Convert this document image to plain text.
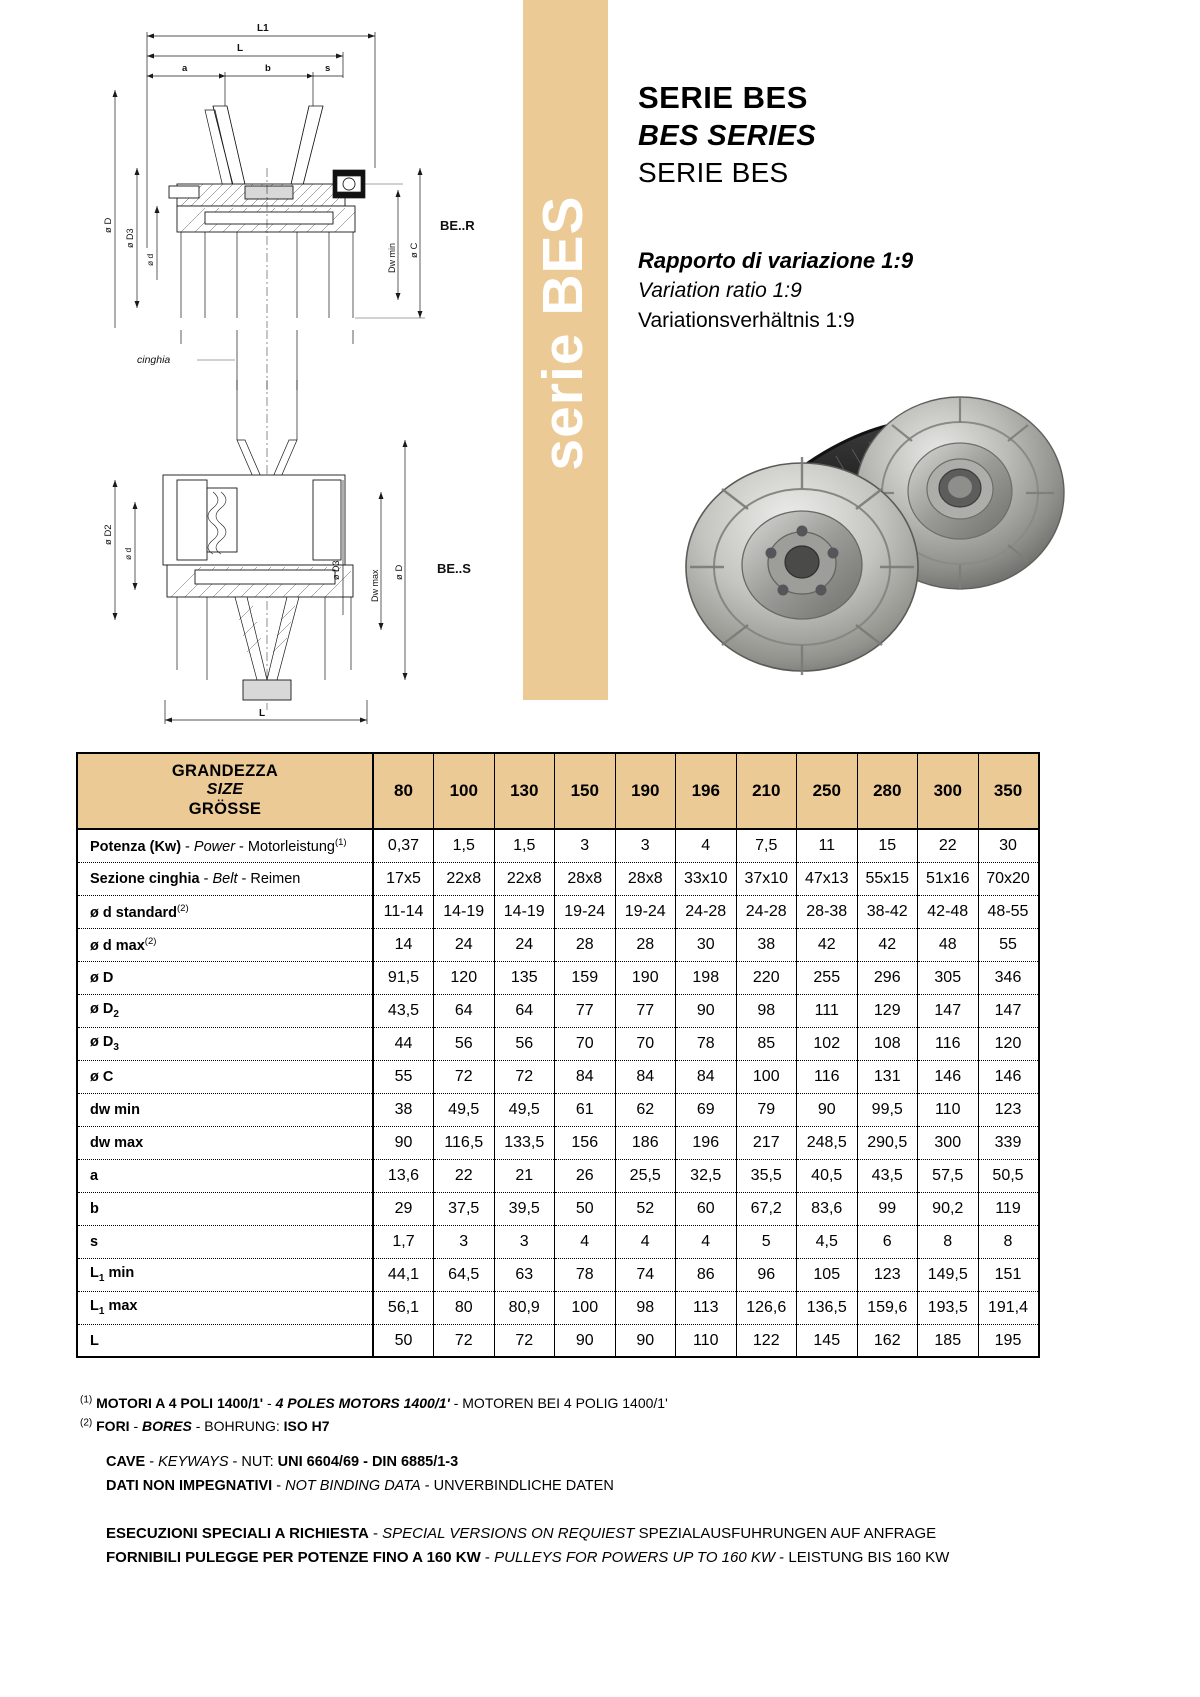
L1
L
a	b	s
ø D
ø D3
ø d	Dw min ø C
BE..R
cinghia
ø D2
ø d
ø D3	Dw max ø D
L
BE..S
serie BES
SERIE BES
BES SERIES
SERIE BES
Rapporto di variazione 1:9
Variation ratio 1:9
Variationsverhältnis 1:9
GRANDEZZA
SIZE
GRÖSSE	80	100	130	150	190	196	210	250	280	300	350
Potenza (Kw) - Power - Motorleistung$^{(1)}$	0,37	1,5	1,5	3	3	4	7,5	11	15	22	30
Sezione cinghia - Belt - Reimen	17x5	22x8	22x8	28x8	28x8	33x10	37x10	47x13	55x15	51x16	70x20
ø d standard$^{(2)}$	11-14	14-19	14-19	19-24	19-24	24-28	24-28	28-38	38-42	42-48	48-55
ø d $\max^{(2)}$	14	24	24	28	28	30	38	42	42	48	55
ø D	91,5	120	135	159	190	198	220	255	296	305	346
ø $D_2$	43,5	64	64	77	77	90	98	111	129	147	147
ø $D_3$	44	56	56	70	70	78	85	102	108	116	120
ø C	55	72	72	84	84	84	100	116	131	146	146
dw min	38	49,5	49,5	61	62	69	79	90	99,5	110	123
dw max	90	116,5	133,5	156	186	196	217	248,5	290,5	300	339
a	13,6	22	21	26	25,5	32,5	35,5	40,5	43,5	57,5	50,5
b	29	37,5	39,5	50	52	60	67,2	83,6	99	90,2	119
s	1,7	3	3	4	4	4	5	4,5	6	8	8
$L_1$ min	44,1	64,5	63	78	74	86	96	105	123	149,5	151
$L_1$ max	56,1	80	80,9	100	98	113	126,6	136,5	159,6	193,5	191,4
L	50	72	72	90	90	110	122	145	162	185	195
$^{(1)}$ MOTORI A 4 POLI 1400/1' - 4 POLES MOTORS 1400/1' - MOTOREN BEI 4 POLIG 1400/1'
$^{(2)}$ FORI - BORES - BOHRUNG: ISO H7
CAVE - KEYWAYS - NUT: UNI 6604/69 - DIN 6885/1-3
DATI NON IMPEGNATIVI - NOT BINDING DATA - UNVERBINDLICHE DATEN
ESECUZIONI SPECIALI A RICHIESTA - SPECIAL VERSIONS ON REQUIEST SPEZIALAUSFUHRUNGEN AUF ANFRAGE
FORNIBILI PULEGGE PER POTENZE FINO A 160 KW - PULLEYS FOR POWERS UP TO 160 KW - LEISTUNG BIS 160 KW
